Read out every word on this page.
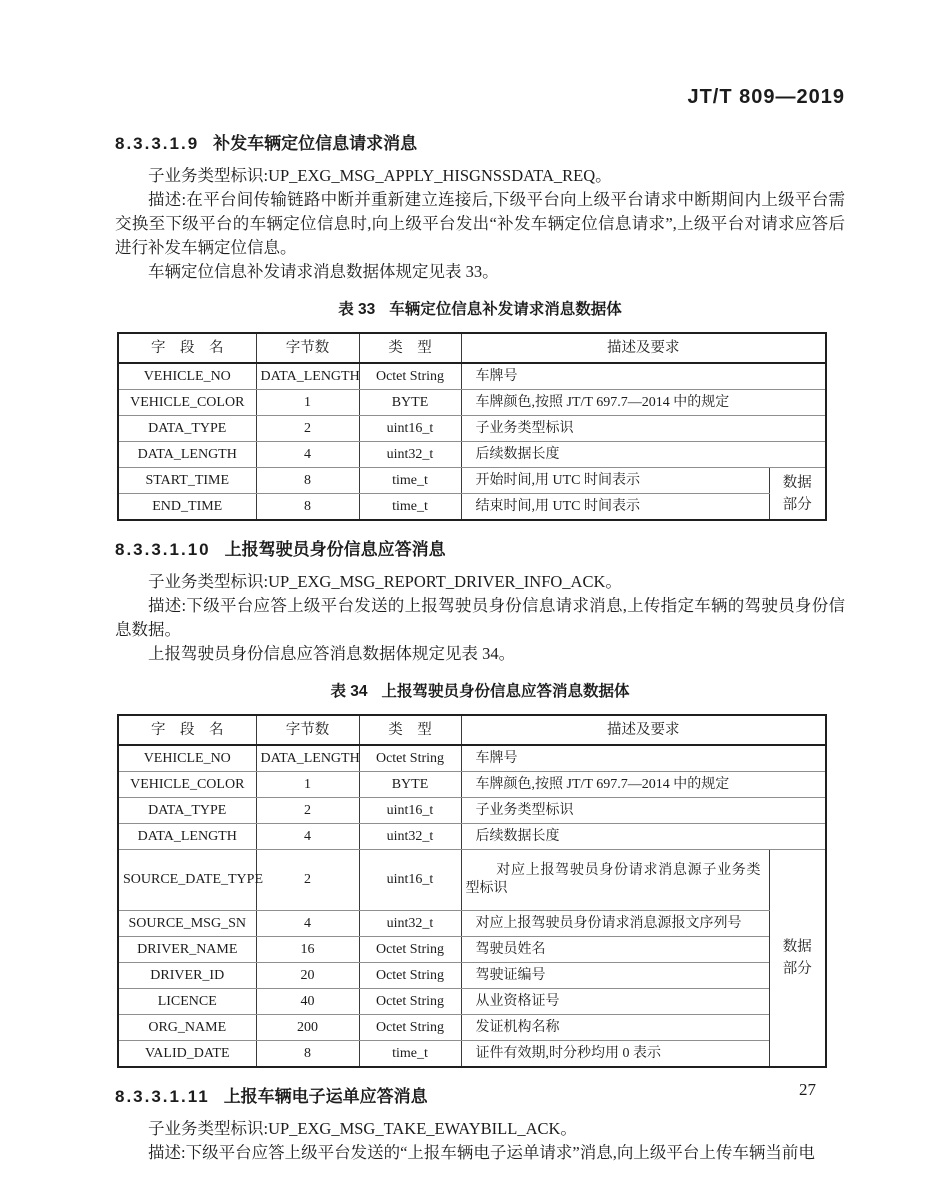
JT/T 809—2019
8.3.3.1.9 补发车辆定位信息请求消息

子业务类型标识:UP_EXG_MSG_APPLY_HISGNSSDATA_REQ。

描述:在平台间传输链路中断并重新建立连接后,下级平台向上级平台请求中断期间内上级平台需交换至下级平台的车辆定位信息时,向上级平台发出“补发车辆定位信息请求”,上级平台对请求应答后进行补发车辆定位信息。

车辆定位信息补发请求消息数据体规定见表 33。

表 33 车辆定位信息补发请求消息数据体
字　段　名	字节数	类　型	描述及要求	
VEHICLE_NO	DATA_LENGTH	Octet String	车牌号	
VEHICLE_COLOR	1	BYTE	车牌颜色,按照 JT/T 697.7—2014 中的规定	
DATA_TYPE	2	uint16_t	子业务类型标识	
DATA_LENGTH	4	uint32_t	后续数据长度	
START_TIME	8	time_t	开始时间,用 UTC 时间表示	数据部分

END_TIME	8	time_t	结束时间,用 UTC 时间表示	
8.3.3.1.10 上报驾驶员身份信息应答消息

子业务类型标识:UP_EXG_MSG_REPORT_DRIVER_INFO_ACK。

描述:下级平台应答上级平台发送的上报驾驶员身份信息请求消息,上传指定车辆的驾驶员身份信息数据。

上报驾驶员身份信息应答消息数据体规定见表 34。

表 34 上报驾驶员身份信息应答消息数据体
字　段　名	字节数	类　型	描述及要求	
VEHICLE_NO	DATA_LENGTH	Octet String	车牌号	
VEHICLE_COLOR	1	BYTE	车牌颜色,按照 JT/T 697.7—2014 中的规定	
DATA_TYPE	2	uint16_t	子业务类型标识	
DATA_LENGTH	4	uint32_t	后续数据长度	
SOURCE_DATE_TYPE	2	uint16_t	对应上报驾驶员身份请求消息源子业务类型标识	数据部分

SOURCE_MSG_SN	4	uint32_t	对应上报驾驶员身份请求消息源报文序列号	
DRIVER_NAME	16	Octet String	驾驶员姓名	
DRIVER_ID	20	Octet String	驾驶证编号	
LICENCE	40	Octet String	从业资格证号	
ORG_NAME	200	Octet String	发证机构名称	
VALID_DATE	8	time_t	证件有效期,时分秒均用 0 表示	
8.3.3.1.11 上报车辆电子运单应答消息

子业务类型标识:UP_EXG_MSG_TAKE_EWAYBILL_ACK。

描述:下级平台应答上级平台发送的“上报车辆电子运单请求”消息,向上级平台上传车辆当前电

27
